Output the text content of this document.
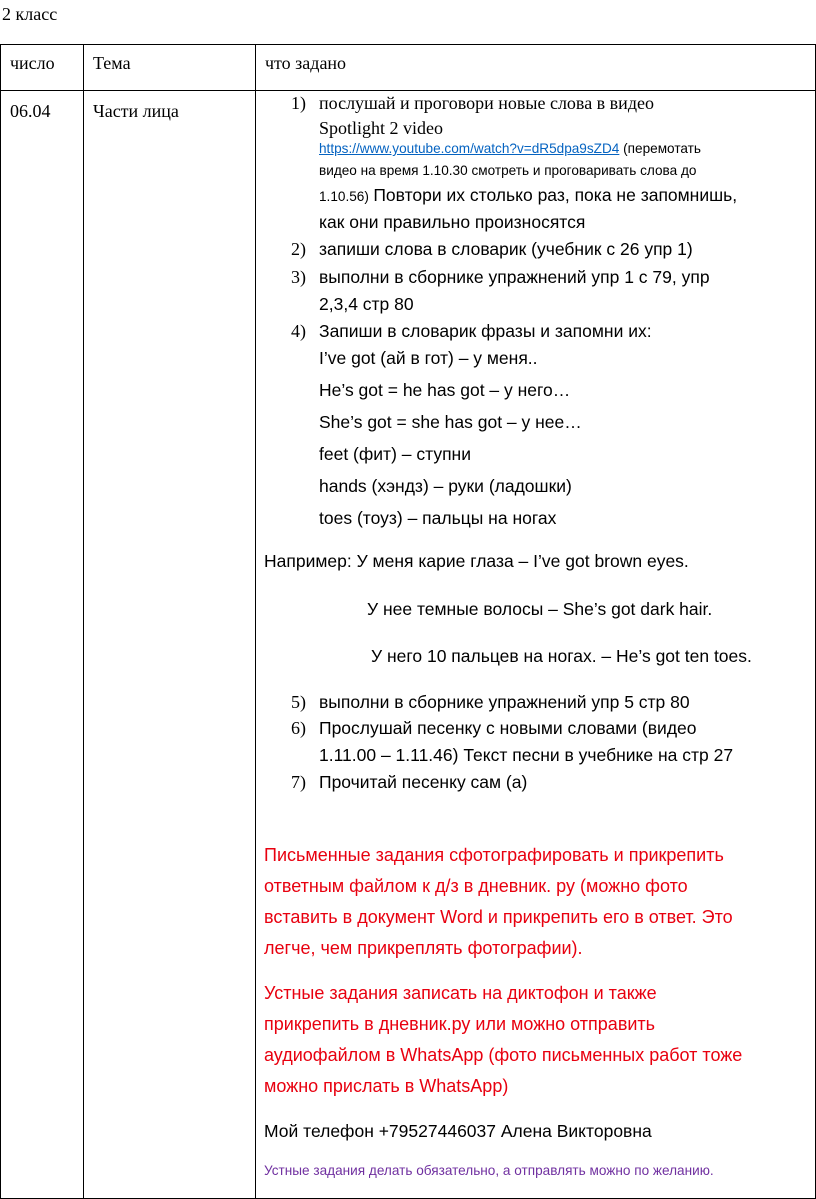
2 класс
число Тема	что задано
06.04 Части лица	1) послушай и проговори новые слова в видео
Spotlight 2 video
https://www.youtube.com/watch?v=dR5dpa9sZD4 (перемотать
видео на время 1.10.30 смотреть и проговаривать слова до
1.10.56) Повтори их столько раз, пока не запомнишь,
как они правильно произносятся
2) запиши слова в словарик (учебник с 26 упр 1)
3) выполни в сборнике упражнений упр 1 с 79, упр
2,3,4 стр 80
4) Запиши в словарик фразы и запомни их:
I’ve got (ай в гот) – у меня..
He’s got = he has got – у него…
She’s got = she has got – у нее…
feet (фит) – ступни
hands (хэндз) – руки (ладошки)
toes (тоуз) – пальцы на ногах
Например: У меня карие глаза – I’ve got brown eyes.
У нее темные волосы – She’s got dark hair.
У него 10 пальцев на ногах. – He’s got ten toes.
5) выполни в сборнике упражнений упр 5 стр 80
6) Прослушай песенку с новыми словами (видео
1.11.00 – 1.11.46) Текст песни в учебнике на стр 27
7) Прочитай песенку сам (а)
Письменные задания сфотографировать и прикрепить
ответным файлом к д/з в дневник. ру (можно фото
вставить в документ Word и прикрепить его в ответ. Это
легче, чем прикреплять фотографии).
Устные задания записать на диктофон и также
прикрепить в дневник.ру или можно отправить
аудиофайлом в WhatsApp (фото письменных работ тоже
можно прислать в WhatsApp)
Мой телефон +79527446037 Алена Викторовна
Устные задания делать обязательно, а отправлять можно по желанию.
